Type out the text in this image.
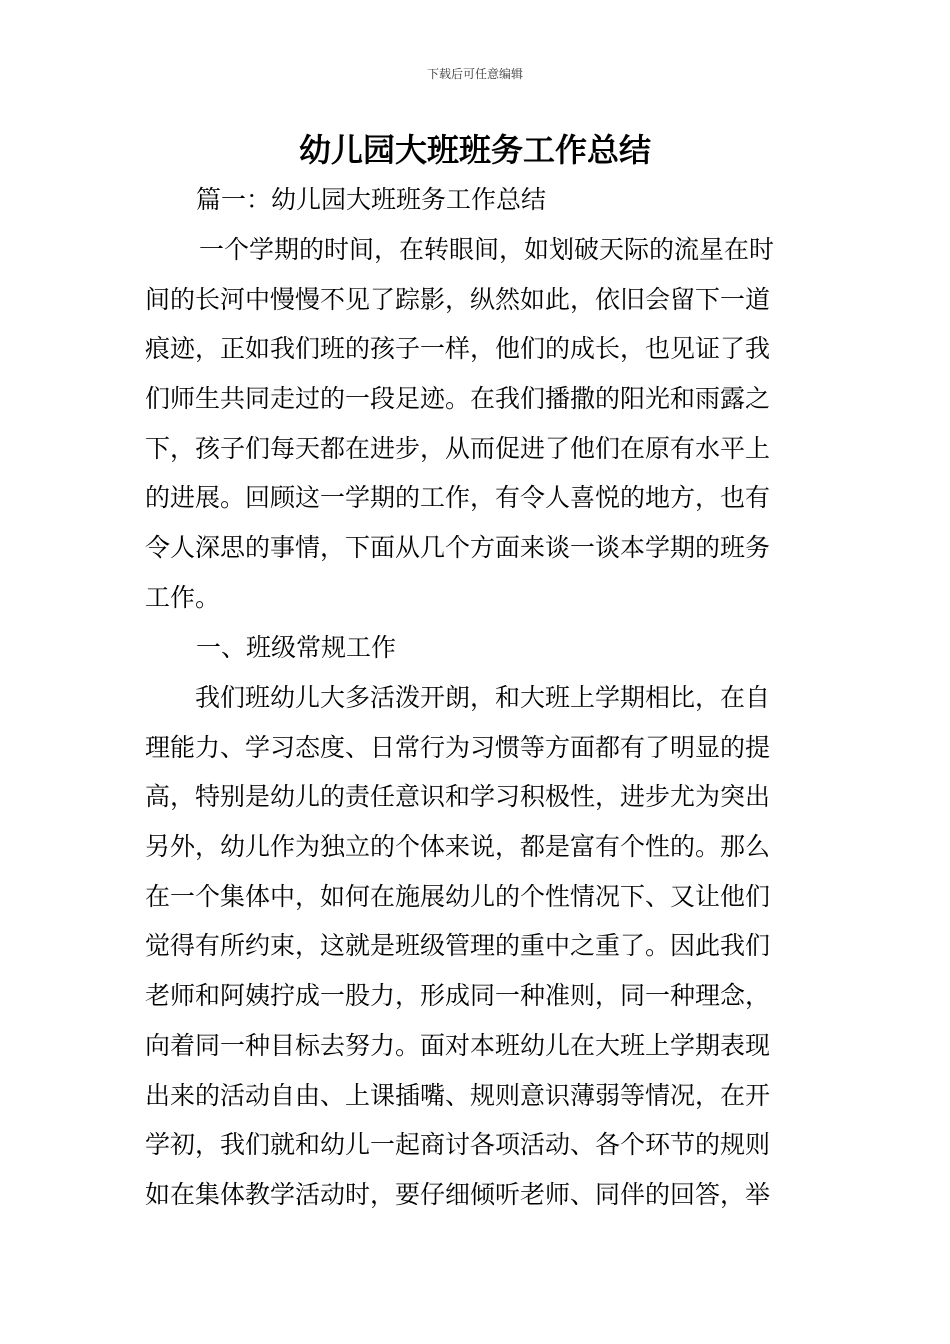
下载后可任意编辑
幼儿园大班班务工作总结

篇一：幼儿园大班班务工作总结

一个学期的时间，在转眼间，如划破天际的流星在时
间的长河中慢慢不见了踪影，纵然如此，依旧会留下一道
痕迹，正如我们班的孩子一样，他们的成长，也见证了我
们师生共同走过的一段足迹。在我们播撒的阳光和雨露之
下，孩子们每天都在进步，从而促进了他们在原有水平上
的进展。回顾这一学期的工作，有令人喜悦的地方，也有
令人深思的事情，下面从几个方面来谈一谈本学期的班务
工作。

一、班级常规工作

我们班幼儿大多活泼开朗，和大班上学期相比，在自
理能力、学习态度、日常行为习惯等方面都有了明显的提
高，特别是幼儿的责任意识和学习积极性，进步尤为突出
另外，幼儿作为独立的个体来说，都是富有个性的。那么
在一个集体中，如何在施展幼儿的个性情况下、又让他们
觉得有所约束，这就是班级管理的重中之重了。因此我们
老师和阿姨拧成一股力，形成同一种准则，同一种理念，
向着同一种目标去努力。面对本班幼儿在大班上学期表现
出来的活动自由、上课插嘴、规则意识薄弱等情况，在开
学初，我们就和幼儿一起商讨各项活动、各个环节的规则
如在集体教学活动时，要仔细倾听老师、同伴的回答，举
